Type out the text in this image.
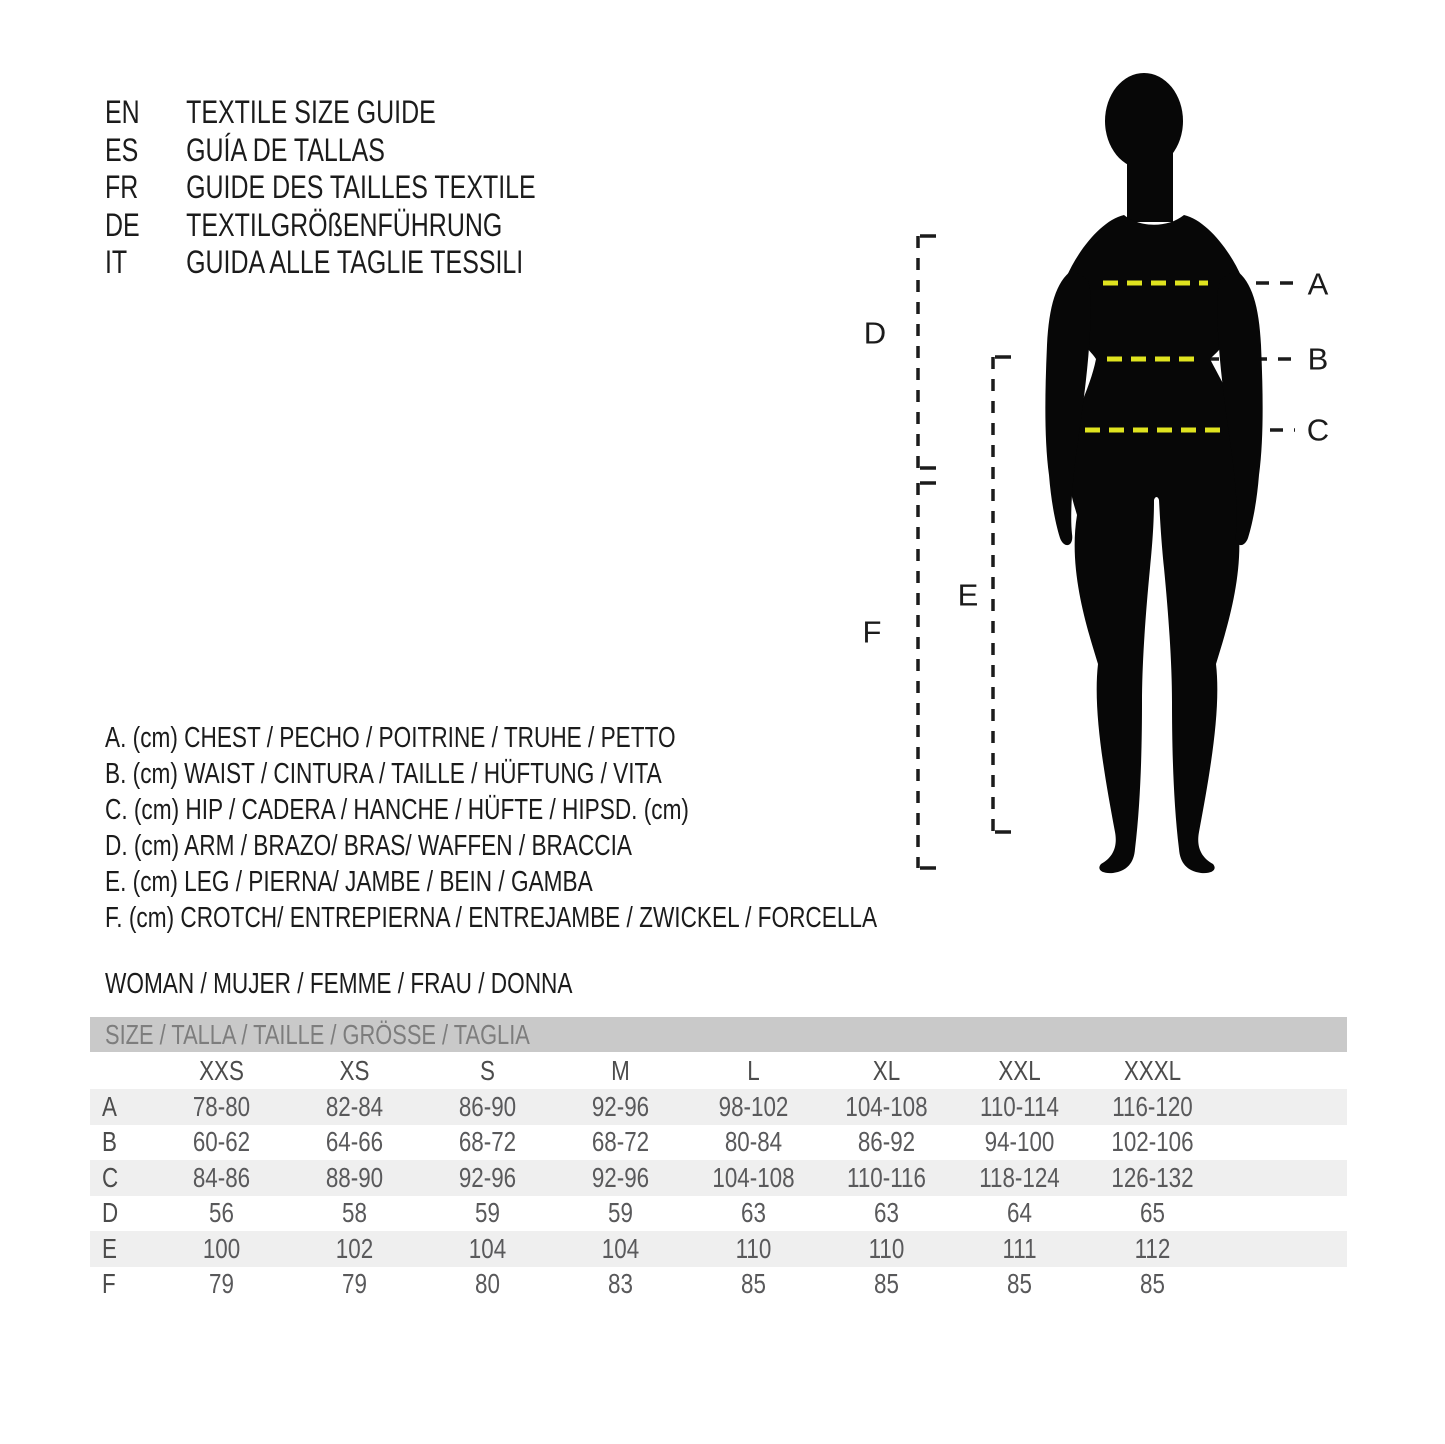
EN	TEXTILE SIZE GUIDE
ES	GUÍA DE TALLAS
FR	GUIDE DES TAILLES TEXTILE
DE	TEXTILGRÖßENFÜHRUNG
IT	GUIDA ALLE TAGLIE TESSILI
A. (cm) CHEST / PECHO / POITRINE / TRUHE / PETTO
B. (cm) WAIST / CINTURA / TAILLE / HÜFTUNG / VITA
C. (cm) HIP / CADERA / HANCHE / HÜFTE / HIPSD. (cm)
D. (cm) ARM / BRAZO/ BRAS/ WAFFEN / BRACCIA
E. (cm) LEG / PIERNA/ JAMBE / BEIN / GAMBA
F. (cm) CROTCH/ ENTREPIERNA / ENTREJAMBE / ZWICKEL / FORCELLA
WOMAN / MUJER / FEMME / FRAU / DONNA
SIZE / TALLA / TAILLE / GRÖSSE / TAGLIA
XXS	XS	S	M	L	XL	XXL	XXXL
A	78-80	82-84	86-90	92-96	98-102	104-108	110-114	116-120
B	60-62	64-66	68-72	68-72	80-84	86-92	94-100	102-106
C	84-86	88-90	92-96	92-96	104-108	110-116	118-124	126-132
D	56	58	59	59	63	63	64	65
E	100	102	104	104	110	110	111	112
F	79	79	80	83	85	85	85	85
A
B
C
D
E
F
